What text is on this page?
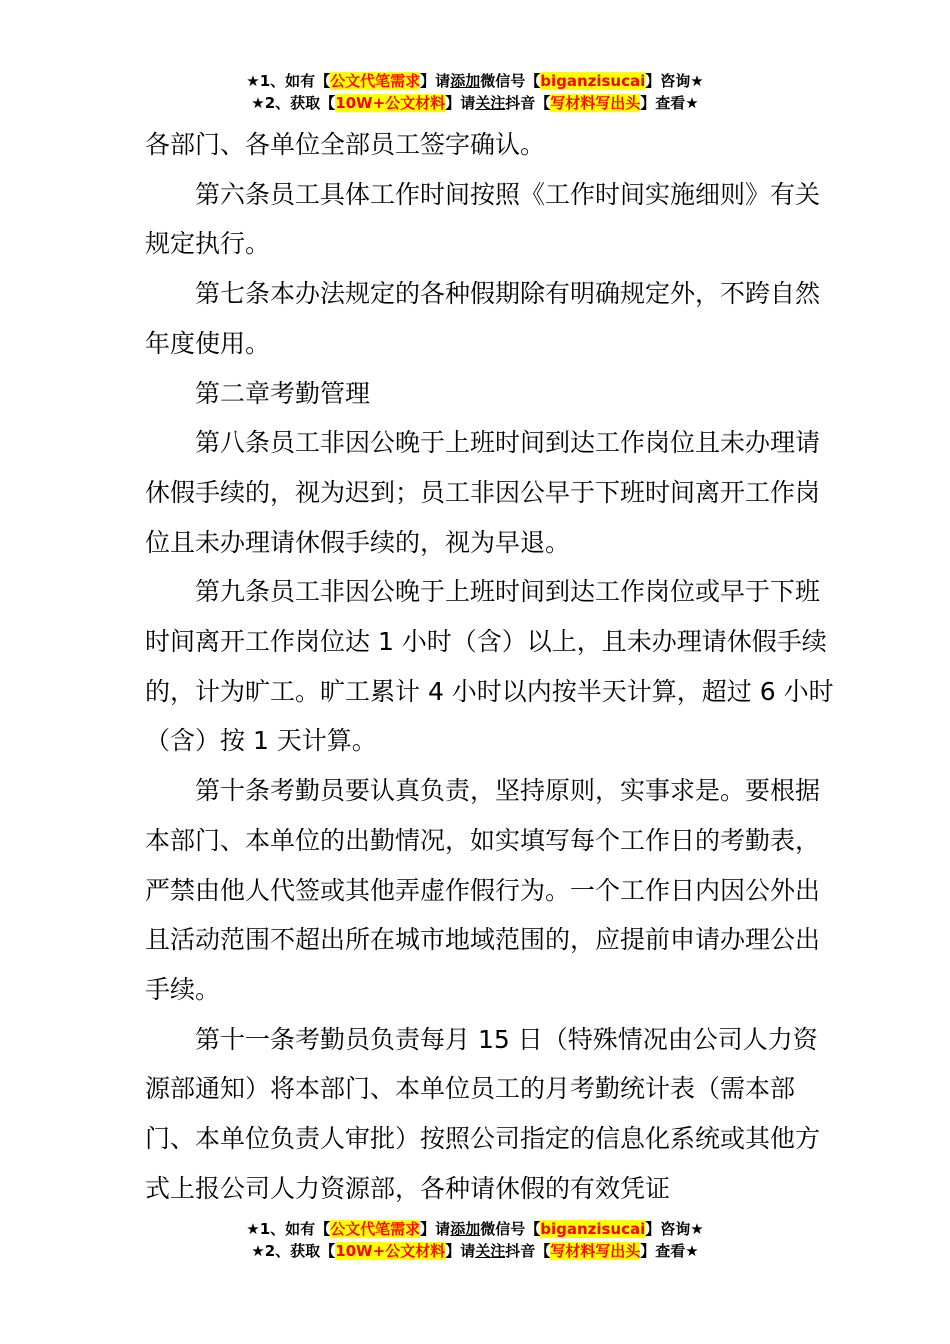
★1、如有【公文代笔需求】请添加微信号【biganzisucai】咨询★
★2、获取【10W+公文材料】请关注抖音【写材料写出头】查看★

各部门、各单位全部员工签字确认。

第六条员工具体工作时间按照《工作时间实施细则》有关规定执行。

第七条本办法规定的各种假期除有明确规定外，不跨自然年度使用。

第二章考勤管理

第八条员工非因公晚于上班时间到达工作岗位且未办理请休假手续的，视为迟到；员工非因公早于下班时间离开工作岗位且未办理请休假手续的，视为早退。

第九条员工非因公晚于上班时间到达工作岗位或早于下班时间离开工作岗位达 1 小时（含）以上，且未办理请休假手续的，计为旷工。旷工累计 4 小时以内按半天计算，超过 6 小时（含）按 1 天计算。

第十条考勤员要认真负责，坚持原则，实事求是。要根据本部门、本单位的出勤情况，如实填写每个工作日的考勤表，严禁由他人代签或其他弄虚作假行为。一个工作日内因公外出且活动范围不超出所在城市地域范围的，应提前申请办理公出手续。

第十一条考勤员负责每月 15 日（特殊情况由公司人力资源部通知）将本部门、本单位员工的月考勤统计表（需本部门、本单位负责人审批）按照公司指定的信息化系统或其他方式上报公司人力资源部，各种请休假的有效凭证

★1、如有【公文代笔需求】请添加微信号【biganzisucai】咨询★
★2、获取【10W+公文材料】请关注抖音【写材料写出头】查看★
